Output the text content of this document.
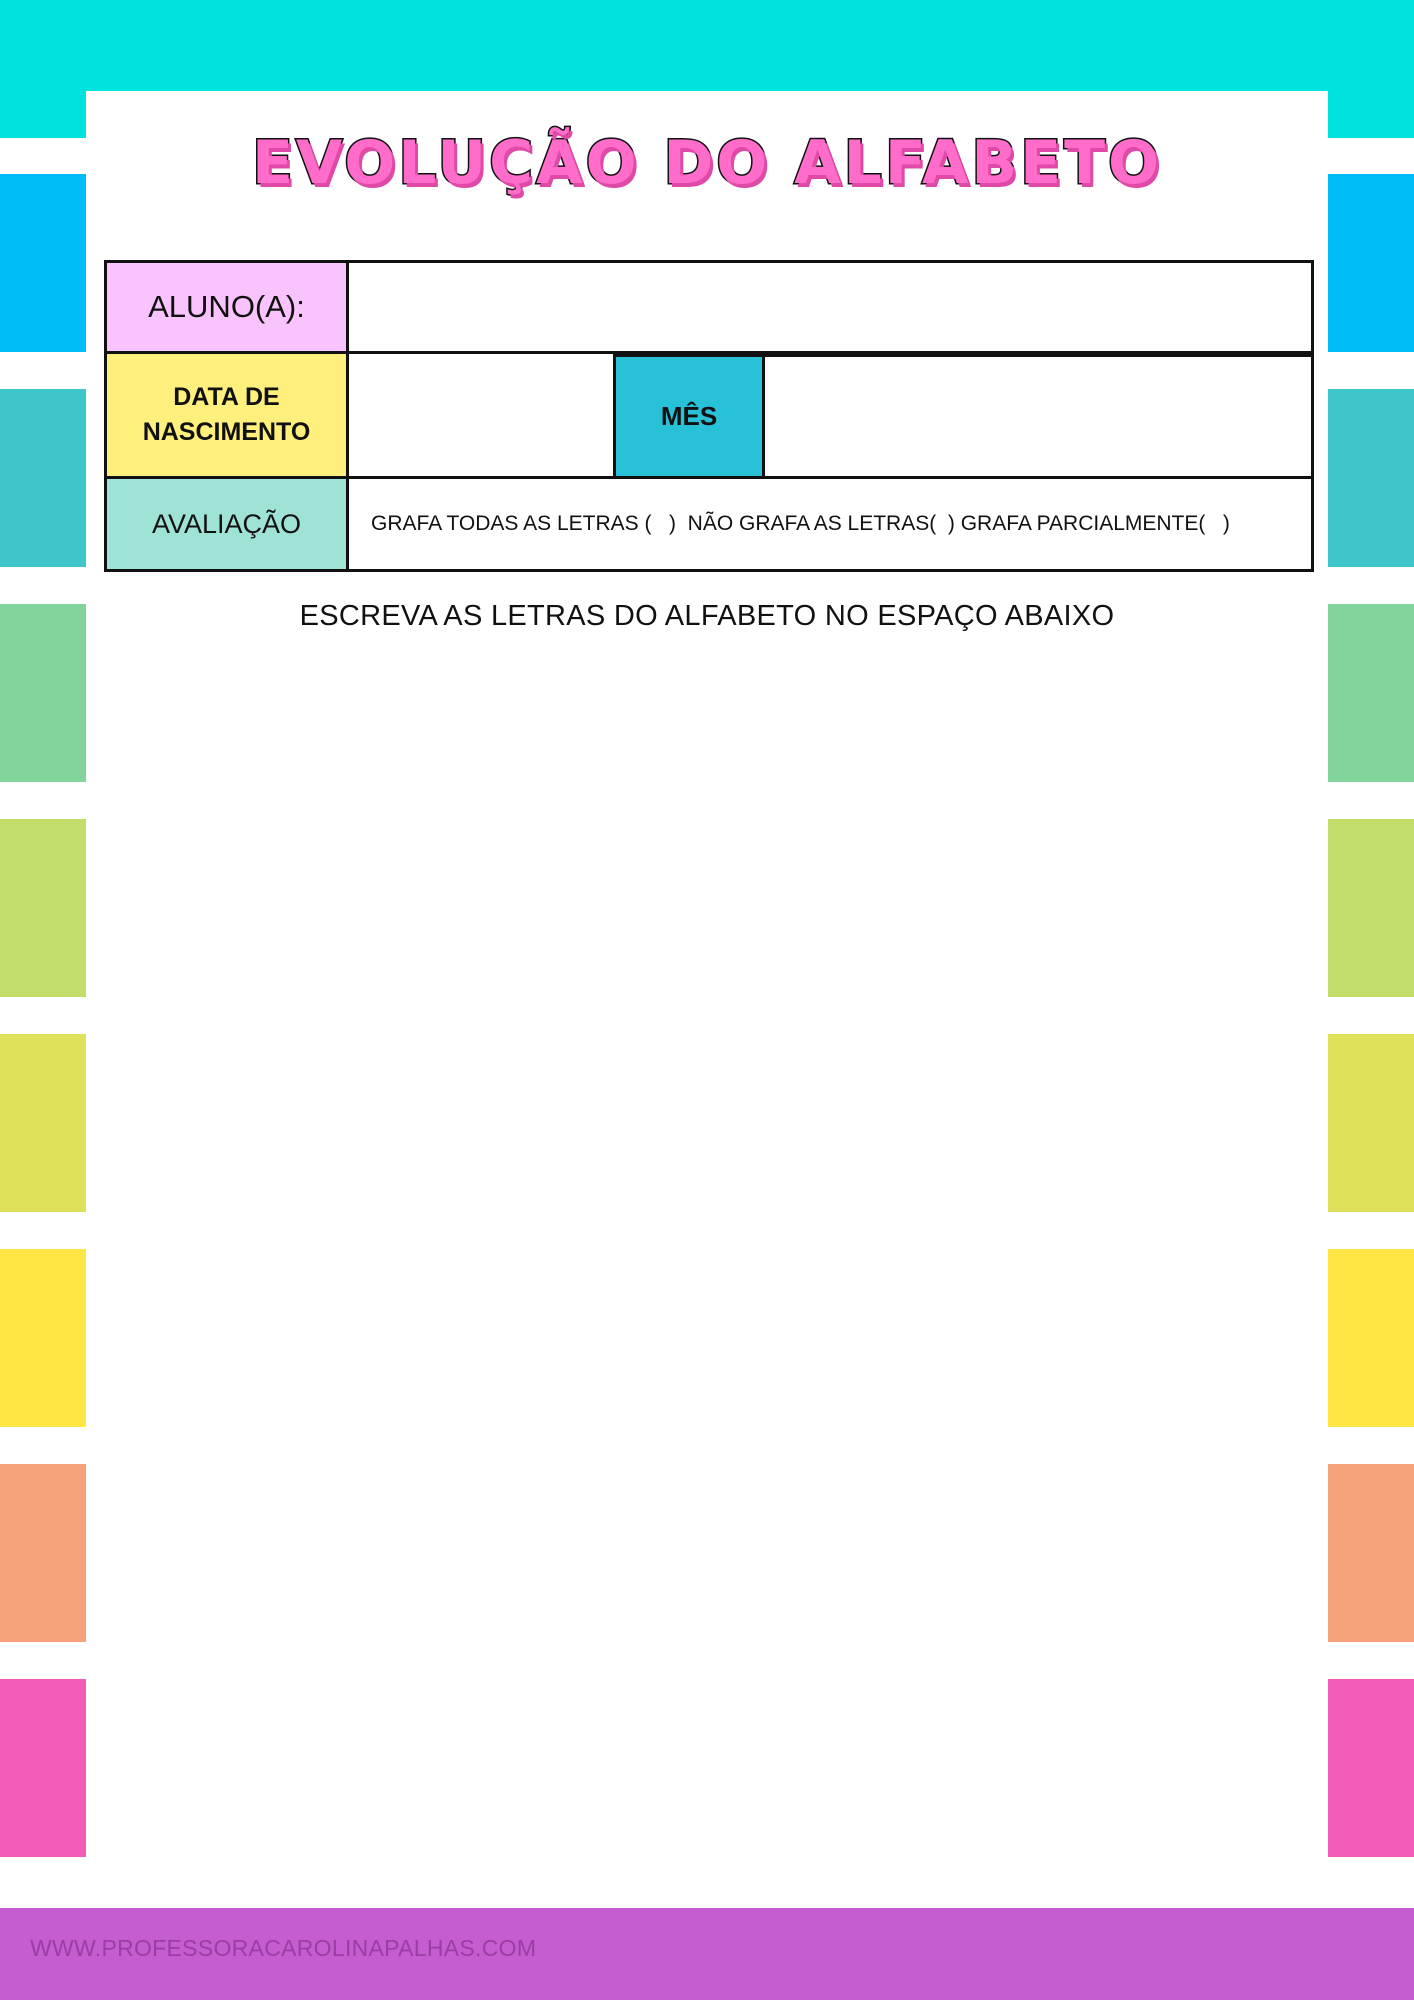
EVOLUÇÃO DO ALFABETO
ALUNO(A):
DATA DE
NASCIMENTO
MÊS
AVALIAÇÃO	GRAFA TODAS AS LETRAS (   )  NÃO GRAFA AS LETRAS(  ) GRAFA PARCIALMENTE(   )
ESCREVA AS LETRAS DO ALFABETO NO ESPAÇO ABAIXO
WWW.PROFESSORACAROLINAPALHAS.COM
